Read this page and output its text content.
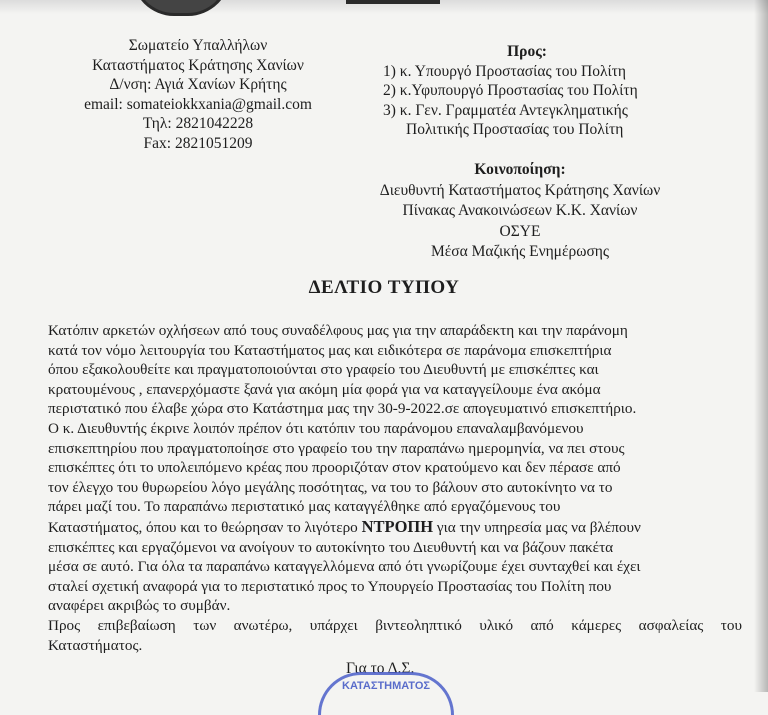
Σωματείο Υπαλλήλων
Καταστήματος Κράτησης Χανίων
Δ/νση: Αγιά Χανίων Κρήτης
email: somateiokkxania@gmail.com
Τηλ: 2821042228
Fax: 2821051209
Προς:
1) κ. Υπουργό Προστασίας του Πολίτη
2) κ.Υφυπουργό Προστασίας του Πολίτη
3) κ. Γεν. Γραμματέα Αντεγκληματικής
Πολιτικής Προστασίας του Πολίτη
Κοινοποίηση:
Διευθυντή Καταστήματος Κράτησης Χανίων
Πίνακας Ανακοινώσεων Κ.Κ. Χανίων
ΟΣΥΕ
Μέσα Μαζικής Ενημέρωσης
ΔΕΛΤΙΟ ΤΥΠΟΥ

Κατόπιν αρκετών οχλήσεων από τους συναδέλφους μας για την απαράδεκτη και την παράνομη

κατά τον νόμο λειτουργία του Καταστήματος μας και ειδικότερα σε παράνομα επισκεπτήρια

όπου εξακολουθείτε και πραγματοποιούνται στο γραφείο του Διευθυντή με επισκέπτες και

κρατουμένους , επανερχόμαστε ξανά για ακόμη μία φορά για να καταγγείλουμε ένα ακόμα

περιστατικό που έλαβε χώρα στο Κατάστημα μας την 30-9-2022.σε απογευματινό επισκεπτήριο.

Ο κ. Διευθυντής έκρινε λοιπόν πρέπον ότι κατόπιν του παράνομου επαναλαμβανόμενου

επισκεπτηρίου που πραγματοποίησε στο γραφείο του την παραπάνω ημερομηνία, να πει στους

επισκέπτες ότι το υπολειπόμενο κρέας που προοριζόταν στον κρατούμενο και δεν πέρασε από

τον έλεγχο του θυρωρείου λόγο μεγάλης ποσότητας, να του το βάλουν στο αυτοκίνητο να το

πάρει μαζί του. Το παραπάνω περιστατικό μας καταγγέλθηκε από εργαζόμενους του

Καταστήματος, όπου και το θεώρησαν το λιγότερο ΝΤΡΟΠΗ για την υπηρεσία μας να βλέπουν

επισκέπτες και εργαζόμενοι να ανοίγουν το αυτοκίνητο του Διευθυντή και να βάζουν πακέτα

μέσα σε αυτό. Για όλα τα παραπάνω καταγγελλόμενα από ότι γνωρίζουμε έχει συνταχθεί και έχει

σταλεί σχετική αναφορά για το περιστατικό προς το Υπουργείο Προστασίας του Πολίτη που

αναφέρει ακριβώς το συμβάν.

Προς επιβεβαίωση των ανωτέρω, υπάρχει βιντεοληπτικό υλικό από κάμερες ασφαλείας του

Καταστήματος.

Για το Δ.Σ.
ΚΑΤΑΣΤΗΜΑΤΟΣ
